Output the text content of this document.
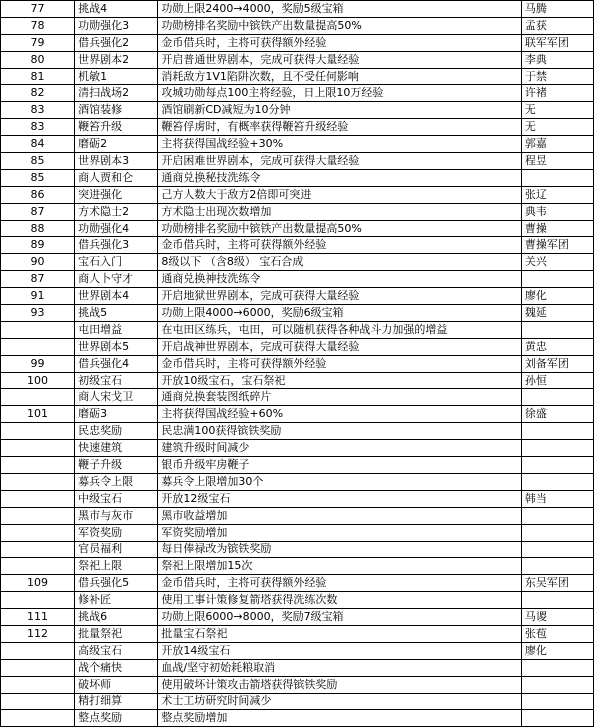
77	挑战4	功勋上限2400→4000，奖励5级宝箱	马腾
78	功勋强化3	功勋榜排名奖励中镔铁产出数量提高50%	孟获
79	借兵强化2	金币借兵时，主将可获得额外经验	联军军团
80	世界剧本2	开启普通世界剧本，完成可获得大量经验	李典
81	机敏1	消耗敌方1V1陷阱次数，且不受任何影响	于禁
82	清扫战场2	攻城功勋每点100主将经验，日上限10万经验	许褚
83	酒馆装修	酒馆刷新CD减短为10分钟	无
83	鞭笞升级	鞭笞俘虏时，有概率获得鞭笞升级经验	无
84	磨砺2	主将获得国战经验+30%	郭嘉
85	世界剧本3	开启困难世界剧本，完成可获得大量经验	程昱
85	商人贾和仑	通商兑换秘技洗练令	
86	突进强化	己方人数大于敌方2倍即可突进	张辽
87	方术隐士2	方术隐士出现次数增加	典韦
88	功勋强化4	功勋榜排名奖励中镔铁产出数量提高50%	曹操
89	借兵强化3	金币借兵时，主将可获得额外经验	曹操军团
90	宝石入门	8级以下 （含8级） 宝石合成	关兴
87	商人卜守才	通商兑换神技洗练令	
91	世界剧本4	开启地狱世界剧本，完成可获得大量经验	廖化
93	挑战5	功勋上限4000→6000，奖励6级宝箱	魏延
	屯田增益	在屯田区练兵，屯田，可以随机获得各种战斗力加强的增益	
	世界剧本5	开启战神世界剧本，完成可获得大量经验	黄忠
99	借兵强化4	金币借兵时，主将可获得额外经验	刘备军团
100	初级宝石	开放10级宝石，宝石祭祀	孙恒
	商人宋戈卫	通商兑换套装图纸碎片	
101	磨砺3	主将获得国战经验+60%	徐盛
	民忠奖励	民忠满100获得镔铁奖励	
	快速建筑	建筑升级时间减少	
	鞭子升级	银币升级牢房鞭子	
	募兵令上限	募兵令上限增加30个	
	中级宝石	开放12级宝石	韩当
	黑市与灰市	黑市收益增加	
	军资奖励	军资奖励增加	
	官员福利	每日俸禄改为镔铁奖励	
	祭祀上限	祭祀上限增加15次	
109	借兵强化5	金币借兵时，主将可获得额外经验	东吴军团
	修补匠	使用工事计策修复箭塔获得洗练次数	
111	挑战6	功勋上限6000→8000，奖励7级宝箱	马谡
112	批量祭祀	批量宝石祭祀	张苞
	高级宝石	开放14级宝石	廖化
	战个痛快	血战/坚守初始耗粮取消	
	破坏师	使用破坏计策攻击箭塔获得镔铁奖励	
	精打细算	术士工坊研究时间减少	
	整点奖励	整点奖励增加	
